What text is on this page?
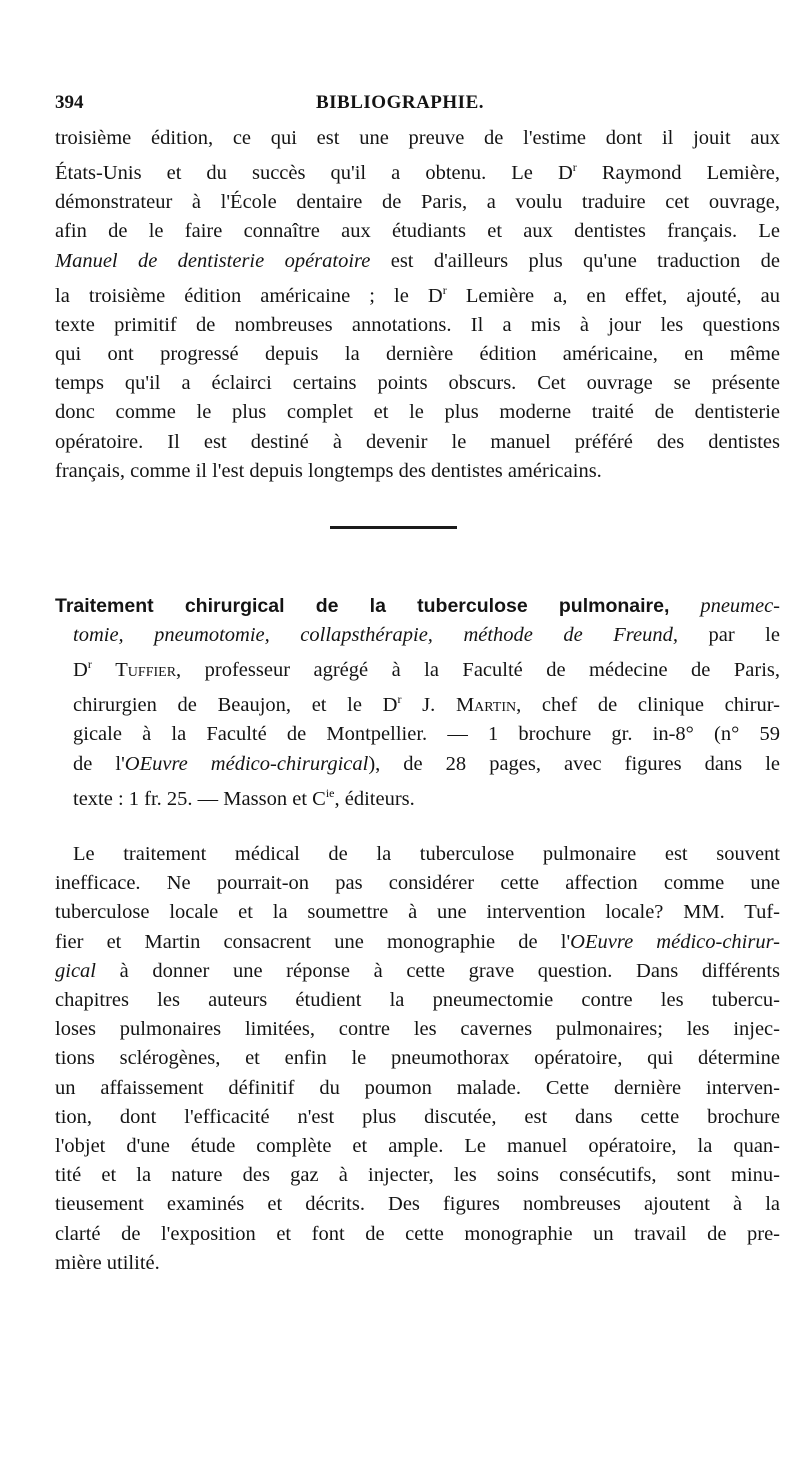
394	BIBLIOGRAPHIE.
troisième édition, ce qui est une preuve de l'estime dont il jouit aux
États-Unis et du succès qu'il a obtenu. Le $D^r$ Raymond Lemière,
démonstrateur à l'École dentaire de Paris, a voulu traduire cet ouvrage,
afin de le faire connaître aux étudiants et aux dentistes français. Le
Manuel de dentisterie opératoire est d'ailleurs plus qu'une traduction de
la troisième édition américaine ; le $D^r$ Lemière a, en effet, ajouté, au
texte primitif de nombreuses annotations. Il a mis à jour les questions
qui ont progressé depuis la dernière édition américaine, en même
temps qu'il a éclairci certains points obscurs. Cet ouvrage se présente
donc comme le plus complet et le plus moderne traité de dentisterie
opératoire. Il est destiné à devenir le manuel préféré des dentistes
français, comme il l'est depuis longtemps des dentistes américains.
Traitement chirurgical de la tuberculose pulmonaire, pneumec-
tomie, pneumotomie, collapsthérapie, méthode de Freund, par le
$D^r$ Tuffier, professeur agrégé à la Faculté de médecine de Paris,
chirurgien de Beaujon, et le $D^r$ J. Martin, chef de clinique chirur-
gicale à la Faculté de Montpellier. — 1 brochure gr. in-8° (n° 59
de l'OEuvre médico-chirurgical), de 28 pages, avec figures dans le
texte : 1 fr. 25. — Masson et $C^{ie}$, éditeurs.
Le traitement médical de la tuberculose pulmonaire est souvent
inefficace. Ne pourrait-on pas considérer cette affection comme une
tuberculose locale et la soumettre à une intervention locale? MM. Tuf-
fier et Martin consacrent une monographie de l'OEuvre médico-chirur-
gical à donner une réponse à cette grave question. Dans différents
chapitres les auteurs étudient la pneumectomie contre les tubercu-
loses pulmonaires limitées, contre les cavernes pulmonaires; les injec-
tions sclérogènes, et enfin le pneumothorax opératoire, qui détermine
un affaissement définitif du poumon malade. Cette dernière interven-
tion, dont l'efficacité n'est plus discutée, est dans cette brochure
l'objet d'une étude complète et ample. Le manuel opératoire, la quan-
tité et la nature des gaz à injecter, les soins consécutifs, sont minu-
tieusement examinés et décrits. Des figures nombreuses ajoutent à la
clarté de l'exposition et font de cette monographie un travail de pre-
mière utilité.
